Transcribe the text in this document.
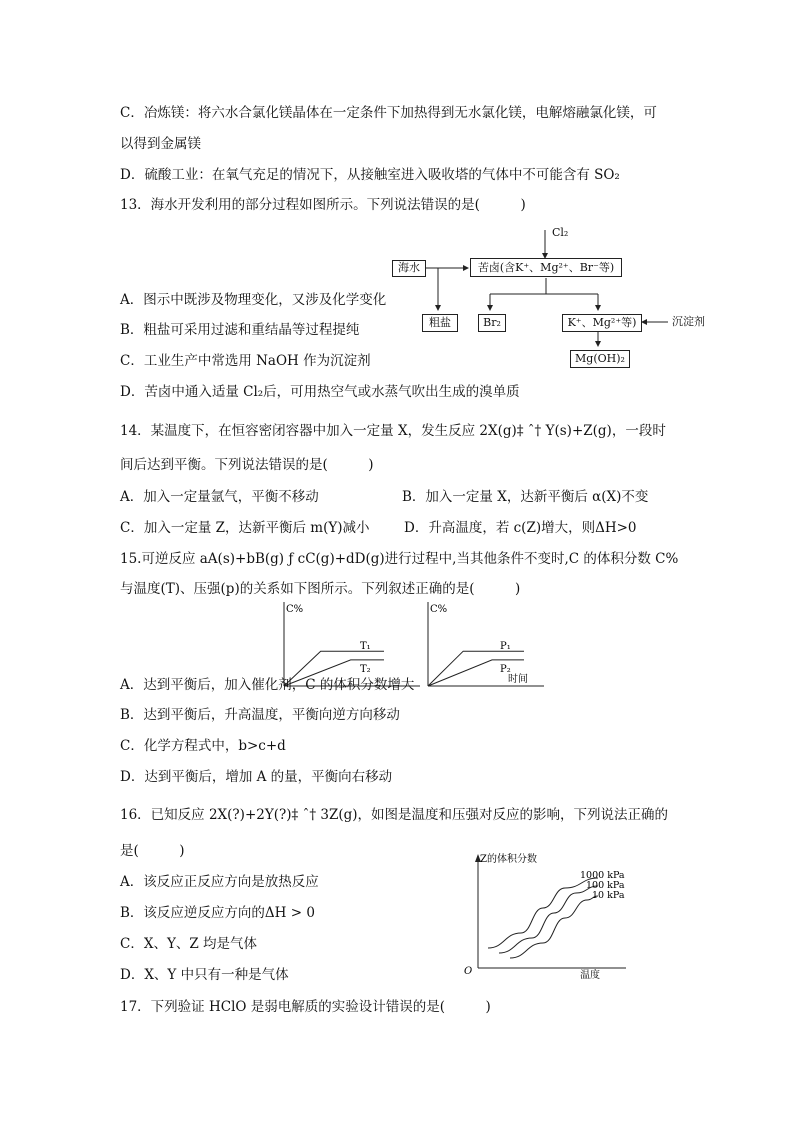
C．冶炼镁：将六水合氯化镁晶体在一定条件下加热得到无水氯化镁，电解熔融氯化镁，可
以得到金属镁
D．硫酸工业：在氧气充足的情况下，从接触室进入吸收塔的气体中不可能含有 SO₂
13．海水开发利用的部分过程如图所示。下列说法错误的是(　　　)
A．图示中既涉及物理变化，又涉及化学变化
B．粗盐可采用过滤和重结晶等过程提纯
C．工业生产中常选用 NaOH 作为沉淀剂
D．苦卤中通入适量 Cl₂后，可用热空气或水蒸气吹出生成的溴单质
Cl₂
海水	苦卤(含K⁺、Mg²⁺、Br⁻等)
粗盐	Br₂	K⁺、Mg²⁺等)	沉淀剂
Mg(OH)₂
14．某温度下，在恒容密闭容器中加入一定量 X，发生反应 2X(g)‡ ˆ† Y(s)+Z(g)，一段时
间后达到平衡。下列说法错误的是(　　　)
A．加入一定量氩气，平衡不移动	B．加入一定量 X，达新平衡后 α(X)不变
C．加入一定量 Z，达新平衡后 m(Y)减小	D．升高温度，若 c(Z)增大，则ΔH>0
15.可逆反应 aA(s)+bB(g) ƒ cC(g)+dD(g)进行过程中,当其他条件不变时,C 的体积分数 C%
与温度(T)、压强(p)的关系如下图所示。下列叙述正确的是(　　　)
C%
T₁
T₂
C%
时间
P₁
P₂
A．达到平衡后，加入催化剂，C 的体积分数增大
B．达到平衡后，升高温度，平衡向逆方向移动
C．化学方程式中，b>c+d
D．达到平衡后，增加 A 的量，平衡向右移动
16．已知反应 2X(?)+2Y(?)‡ ˆ† 3Z(g)，如图是温度和压强对反应的影响，下列说法正确的
是(　　　)
A．该反应正反应方向是放热反应
B．该反应逆反应方向的ΔH > 0
C．X、Y、Z 均是气体
D．X、Y 中只有一种是气体
Z的体积分数
O	温度
1000 kPa
100 kPa
10 kPa
17．下列验证 HClO 是弱电解质的实验设计错误的是(　　　)
